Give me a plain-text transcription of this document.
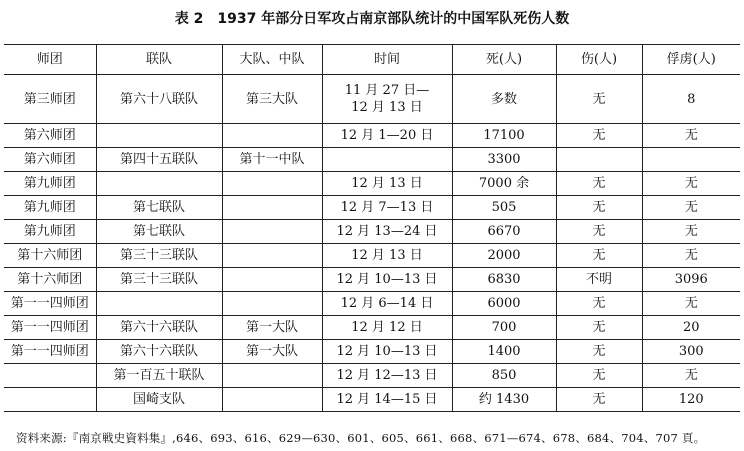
表 2　1937 年部分日军攻占南京部队统计的中国军队死伤人数
师团	联队	大队、中队	时间	死(人)	伤(人)	俘虏(人)
第三师团	第六十八联队	第三大队	11 月 27 日—
12 月 13 日	多数	无	8
第六师团			12 月 1—20 日	17100	无	无
第六师团	第四十五联队	第十一中队		3300		
第九师团			12 月 13 日	7000 余	无	无
第九师团	第七联队		12 月 7—13 日	505	无	无
第九师团	第七联队		12 月 13—24 日	6670	无	无
第十六师团	第三十三联队		12 月 13 日	2000	无	无
第十六师团	第三十三联队		12 月 10—13 日	6830	不明	3096
第一一四师团			12 月 6—14 日	6000	无	无
第一一四师团	第六十六联队	第一大队	12 月 12 日	700	无	20
第一一四师团	第六十六联队	第一大队	12 月 10—13 日	1400	无	300
	第一百五十联队		12 月 12—13 日	850	无	无
	国崎支队		12 月 14—15 日	约 1430	无	120
资料来源:『南京戦史資料集』,646、693、616、629—630、601、605、661、668、671—674、678、684、704、707 頁。
